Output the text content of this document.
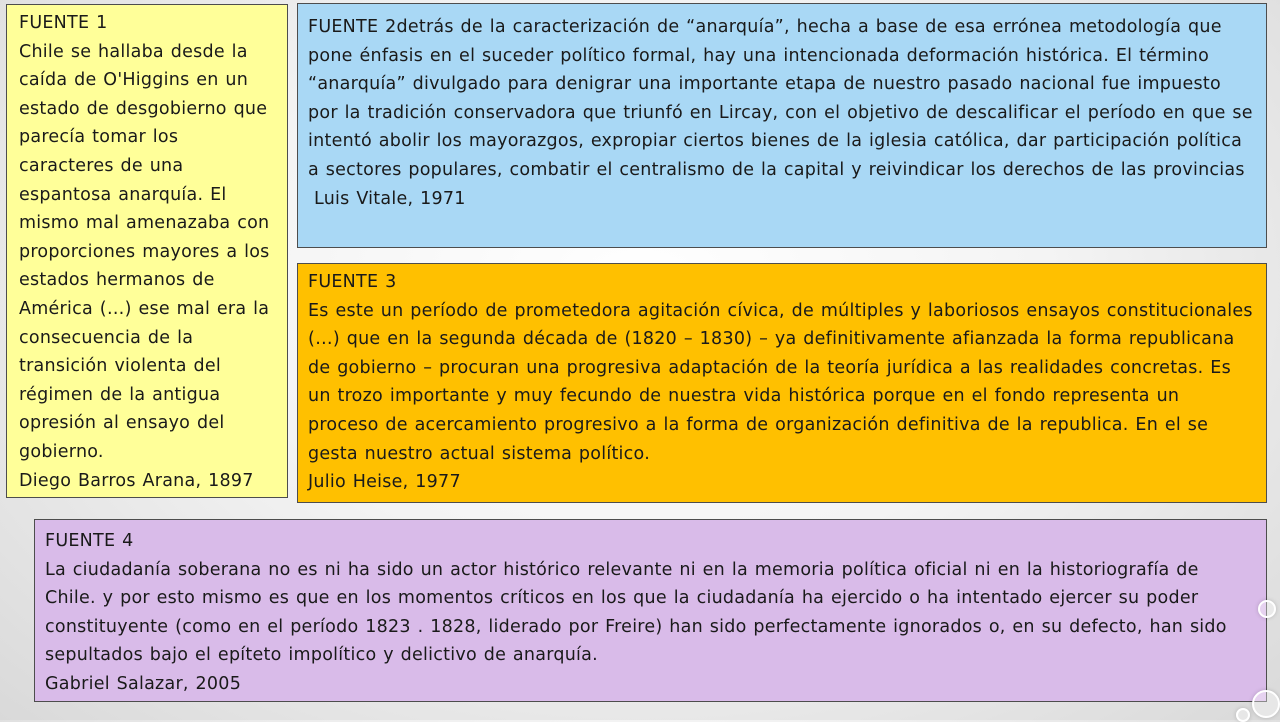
FUENTE 1

Chile se hallaba desde la caída de O'Higgins en un estado de desgobierno que parecía tomar los caracteres de una espantosa anarquía. El mismo mal amenazaba con proporciones mayores a los estados hermanos de América (…) ese mal era la consecuencia de la transición violenta del régimen de la antigua opresión al ensayo del gobierno.

Diego Barros Arana, 1897

FUENTE 2detrás de la caracterización de “anarquía”, hecha a base de esa errónea metodología que pone énfasis en el suceder político formal, hay una intencionada deformación histórica. El término “anarquía” divulgado para denigrar una importante etapa de nuestro pasado nacional fue impuesto por la tradición conservadora que triunfó en Lircay, con el objetivo de descalificar el período en que se intentó abolir los mayorazgos, expropiar ciertos bienes de la iglesia católica, dar participación política a sectores populares, combatir el centralismo de la capital y reivindicar los derechos de las provincias

Luis Vitale, 1971

FUENTE 3

Es este un período de prometedora agitación cívica, de múltiples y laboriosos ensayos constitucionales (…) que en la segunda década de (1820 – 1830) – ya definitivamente afianzada la forma republicana de gobierno – procuran una progresiva adaptación de la teoría jurídica a las realidades concretas. Es un trozo importante y muy fecundo de nuestra vida histórica porque en el fondo representa un proceso de acercamiento progresivo a la forma de organización definitiva de la republica. En el se gesta nuestro actual sistema político.

Julio Heise, 1977

FUENTE 4

La ciudadanía soberana no es ni ha sido un actor histórico relevante ni en la memoria política oficial ni en la historiografía de Chile. y por esto mismo es que en los momentos críticos en los que la ciudadanía ha ejercido o ha intentado ejercer su poder constituyente (como en el período 1823 . 1828, liderado por Freire) han sido perfectamente ignorados o, en su defecto, han sido sepultados bajo el epíteto impolítico y delictivo de anarquía.

Gabriel Salazar, 2005
